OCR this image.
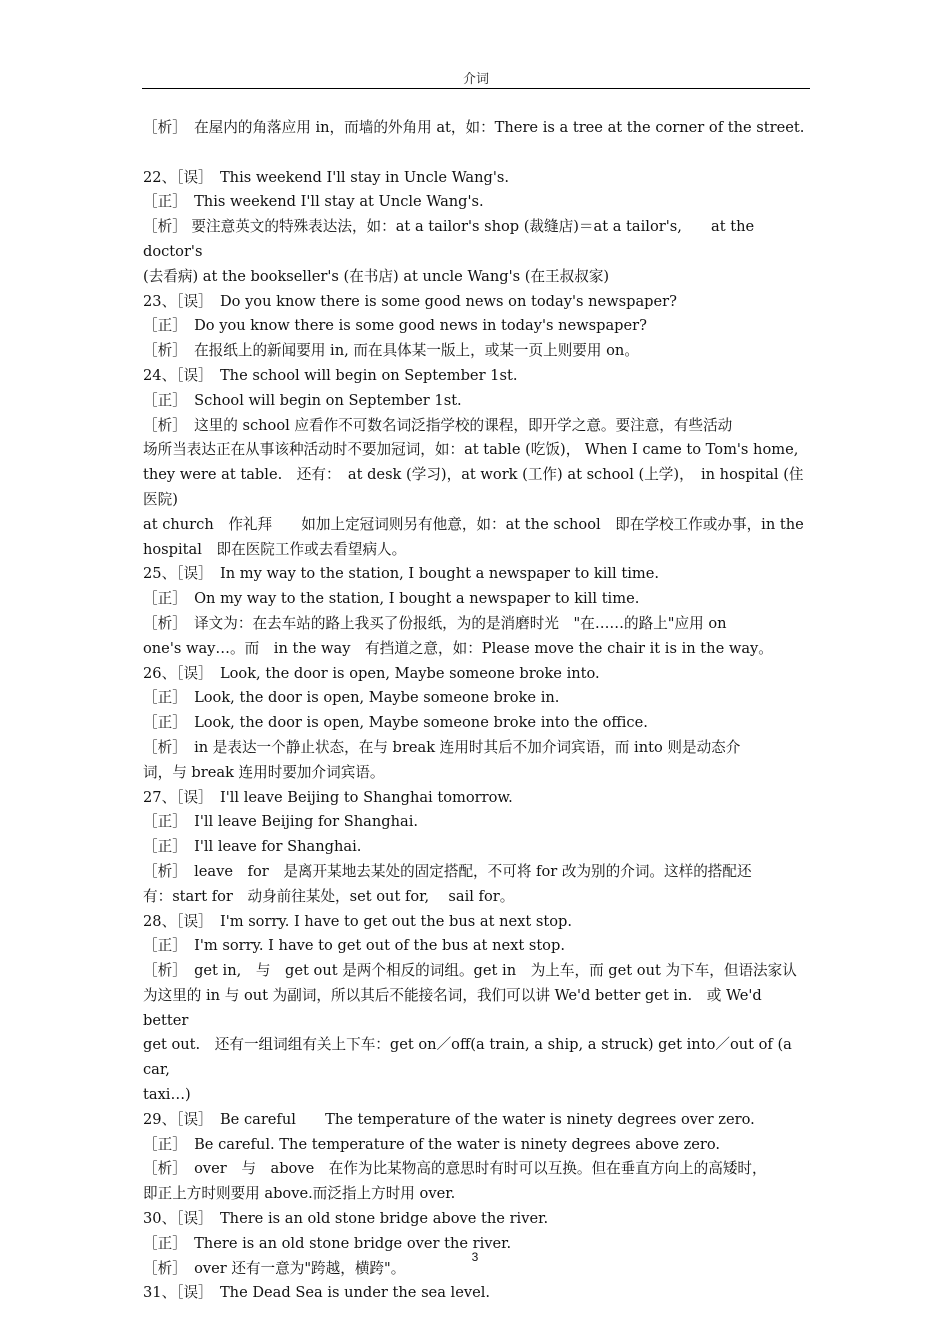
介词
［析］　在屋内的角落应用 in，而墙的外角用 at，如：There is a tree at the corner of the street.
22、［误］　This weekend I'll stay in Uncle Wang's.
［正］　This weekend I'll stay at Uncle Wang's.
［析］ 要注意英文的特殊表达法，如：at a tailor's shop (裁缝店)＝at a tailor's,　　at the doctor's
(去看病) at the bookseller's (在书店) at uncle Wang's (在王叔叔家)
23、［误］　Do you know there is some good news on today's newspaper?
［正］　Do you know there is some good news in today's newspaper?
［析］　在报纸上的新闻要用 in, 而在具体某一版上，或某一页上则要用 on。
24、［误］　The school will begin on September 1st.
［正］　School will begin on September 1st.
［析］　这里的 school 应看作不可数名词泛指学校的课程，即开学之意。要注意，有些活动
场所当表达正在从事该种活动时不要加冠词，如：at table (吃饭)， When I came to Tom's home,
they were at table.　还有：　at desk (学习)，at work (工作) at school (上学)，　in hospital (住医院)
at church　作礼拜　　如加上定冠词则另有他意，如：at the school　即在学校工作或办事，in the
hospital　即在医院工作或去看望病人。
25、［误］　In my way to the station, I bought a newspaper to kill time.
［正］　On my way to the station, I bought a newspaper to kill time.
［析］　译文为：在去车站的路上我买了份报纸，为的是消磨时光　"在……的路上"应用 on
one's way…。而　in the way　有挡道之意，如：Please move the chair it is in the way。
26、［误］　Look, the door is open, Maybe someone broke into.
［正］　Look, the door is open, Maybe someone broke in.
［正］　Look, the door is open, Maybe someone broke into the office.
［析］　in 是表达一个静止状态，在与 break 连用时其后不加介词宾语，而 into 则是动态介
词，与 break 连用时要加介词宾语。
27、［误］　I'll leave Beijing to Shanghai tomorrow.
［正］　I'll leave Beijing for Shanghai.
［正］　I'll leave for Shanghai.
［析］　leave　for　是离开某地去某处的固定搭配，不可将 for 改为别的介词。这样的搭配还
有：start for　动身前往某处，set out for,　 sail for。
28、［误］　I'm sorry. I have to get out the bus at next stop.
［正］　I'm sorry. I have to get out of the bus at next stop.
［析］　get in,　与　get out 是两个相反的词组。get in　为上车，而 get out 为下车，但语法家认
为这里的 in 与 out 为副词，所以其后不能接名词，我们可以讲 We'd better get in.　或 We'd better
get out.　还有一组词组有关上下车：get on／off(a train, a ship, a struck) get into／out of (a car,
taxi…)
29、［误］　Be careful　　The temperature of the water is ninety degrees over zero.
［正］　Be careful. The temperature of the water is ninety degrees above zero.
［析］　over　与　above　在作为比某物高的意思时有时可以互换。但在垂直方向上的高矮时，
即正上方时则要用 above.而泛指上方时用 over.
30、［误］　There is an old stone bridge above the river.
［正］　There is an old stone bridge over the river.
［析］　over 还有一意为"跨越，横跨"。
31、［误］　The Dead Sea is under the sea level.
3
